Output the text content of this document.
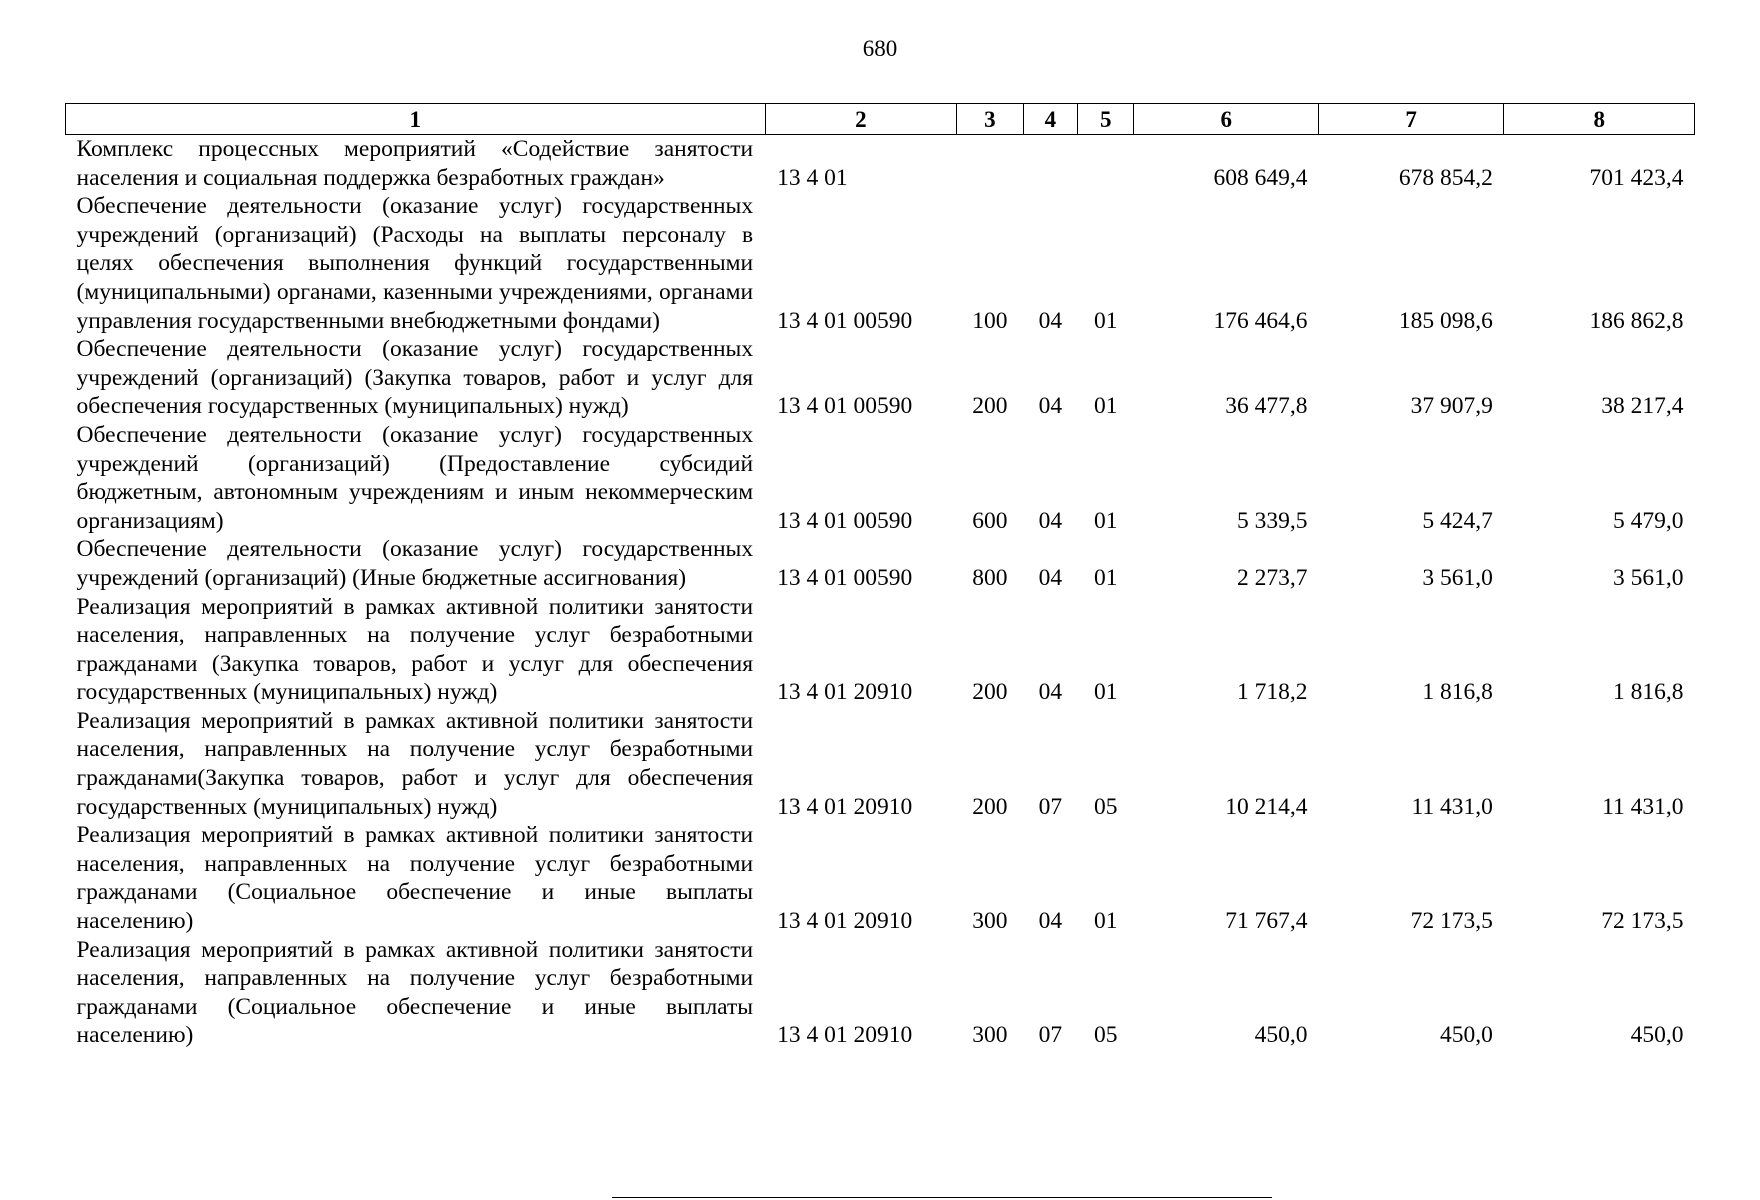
680
1	2	3	4	5	6	7	8
Комплекс процессных мероприятий «Содействие занятости населения и социальная поддержка безработных граждан»	13 4 01				608 649,4	678 854,2	701 423,4
Обеспечение деятельности (оказание услуг) государственных учреждений (организаций) (Расходы на выплаты персоналу в целях обеспечения выполнения функций государственными (муниципальными) органами, казенными учреждениями, органами управления государственными внебюджетными фондами)	13 4 01 00590	100	04	01	176 464,6	185 098,6	186 862,8
Обеспечение деятельности (оказание услуг) государственных учреждений (организаций) (Закупка товаров, работ и услуг для обеспечения государственных (муниципальных) нужд)	13 4 01 00590	200	04	01	36 477,8	37 907,9	38 217,4
Обеспечение деятельности (оказание услуг) государственных учреждений (организаций) (Предоставление субсидий бюджетным, автономным учреждениям и иным некоммерческим организациям)	13 4 01 00590	600	04	01	5 339,5	5 424,7	5 479,0
Обеспечение деятельности (оказание услуг) государственных учреждений (организаций) (Иные бюджетные ассигнования)	13 4 01 00590	800	04	01	2 273,7	3 561,0	3 561,0
Реализация мероприятий в рамках активной политики занятости населения, направленных на получение услуг безработными гражданами (Закупка товаров, работ и услуг для обеспечения государственных (муниципальных) нужд)	13 4 01 20910	200	04	01	1 718,2	1 816,8	1 816,8
Реализация мероприятий в рамках активной политики занятости населения, направленных на получение услуг безработными гражданами(Закупка товаров, работ и услуг для обеспечения государственных (муниципальных) нужд)	13 4 01 20910	200	07	05	10 214,4	11 431,0	11 431,0
Реализация мероприятий в рамках активной политики занятости населения, направленных на получение услуг безработными гражданами (Социальное обеспечение и иные выплаты населению)	13 4 01 20910	300	04	01	71 767,4	72 173,5	72 173,5
Реализация мероприятий в рамках активной политики занятости населения, направленных на получение услуг безработными гражданами (Социальное обеспечение и иные выплаты населению)	13 4 01 20910	300	07	05	450,0	450,0	450,0
